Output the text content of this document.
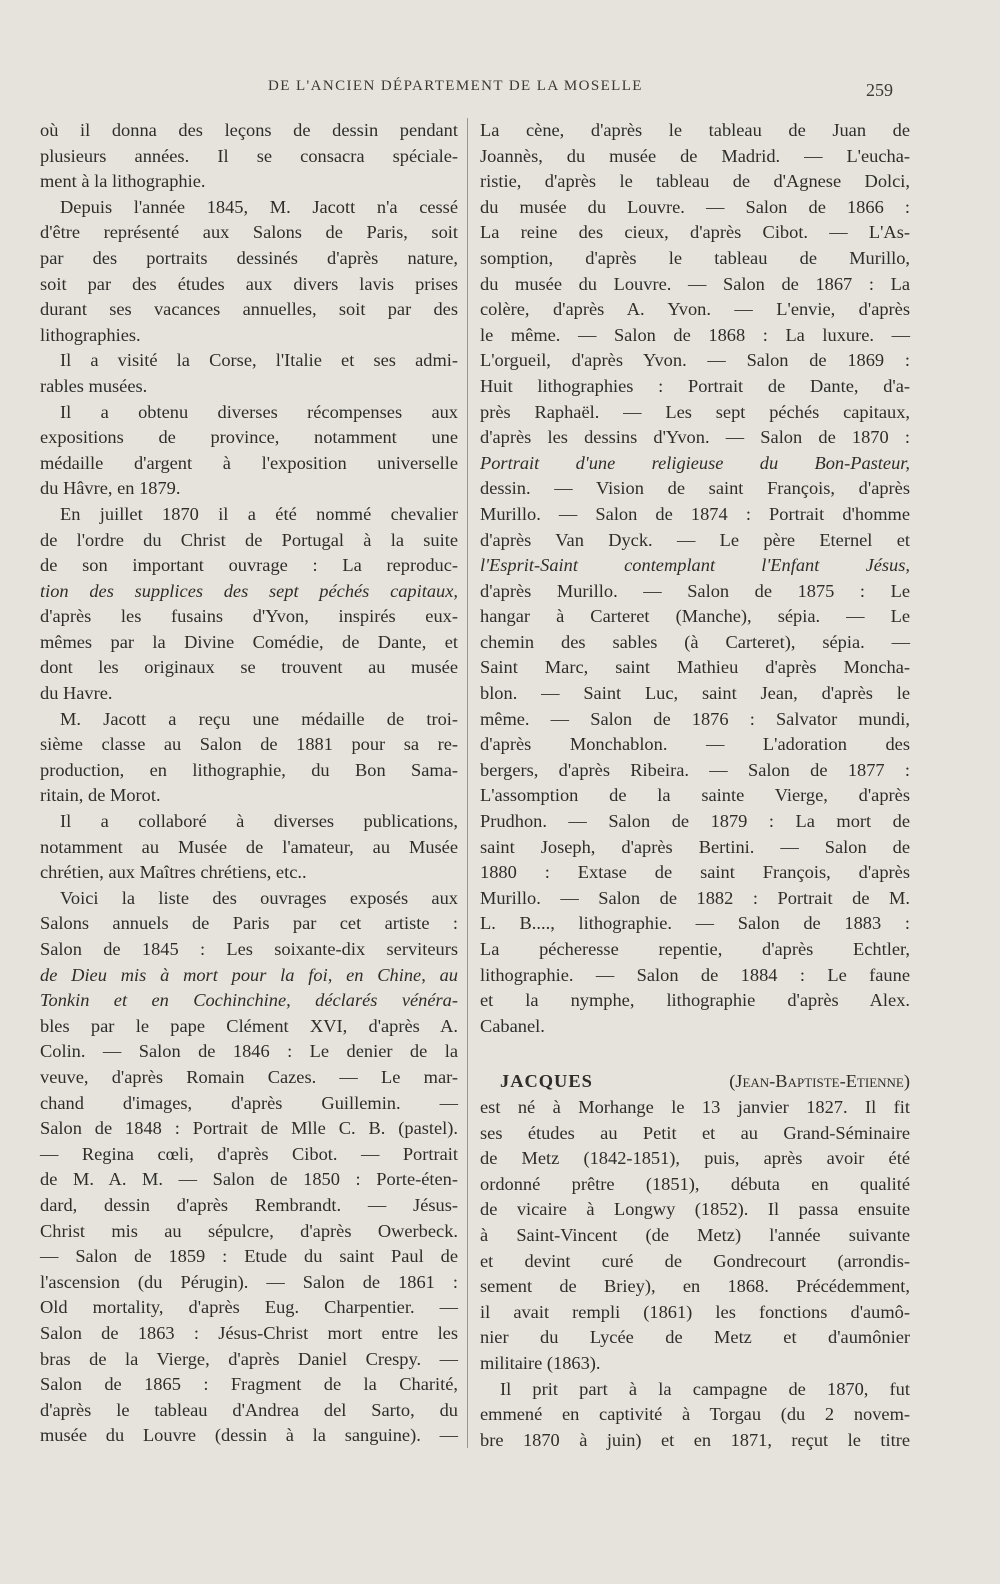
DE L'ANCIEN DÉPARTEMENT DE LA MOSELLE	259
où il donna des leçons de dessin pendant
plusieurs années. Il se consacra spéciale-
ment à la lithographie.
Depuis l'année 1845, M. Jacott n'a cessé
d'être représenté aux Salons de Paris, soit
par des portraits dessinés d'après nature,
soit par des études aux divers lavis prises
durant ses vacances annuelles, soit par des
lithographies.
Il a visité la Corse, l'Italie et ses admi-
rables musées.
Il a obtenu diverses récompenses aux
expositions de province, notamment une
médaille d'argent à l'exposition universelle
du Hâvre, en 1879.
En juillet 1870 il a été nommé chevalier
de l'ordre du Christ de Portugal à la suite
de son important ouvrage : La reproduc-
tion des supplices des sept péchés capitaux,
d'après les fusains d'Yvon, inspirés eux-
mêmes par la Divine Comédie, de Dante, et
dont les originaux se trouvent au musée
du Havre.
M. Jacott a reçu une médaille de troi-
sième classe au Salon de 1881 pour sa re-
production, en lithographie, du Bon Sama-
ritain, de Morot.
Il a collaboré à diverses publications,
notamment au Musée de l'amateur, au Musée
chrétien, aux Maîtres chrétiens, etc..
Voici la liste des ouvrages exposés aux
Salons annuels de Paris par cet artiste :
Salon de 1845 : Les soixante-dix serviteurs
de Dieu mis à mort pour la foi, en Chine, au
Tonkin et en Cochinchine, déclarés vénéra-
bles par le pape Clément XVI, d'après A.
Colin. — Salon de 1846 : Le denier de la
veuve, d'après Romain Cazes. — Le mar-
chand d'images, d'après Guillemin. —
Salon de 1848 : Portrait de Mlle C. B. (pastel).
— Regina cœli, d'après Cibot. — Portrait
de M. A. M. — Salon de 1850 : Porte-éten-
dard, dessin d'après Rembrandt. — Jésus-
Christ mis au sépulcre, d'après Owerbeck.
— Salon de 1859 : Etude du saint Paul de
l'ascension (du Pérugin). — Salon de 1861 :
Old mortality, d'après Eug. Charpentier. —
Salon de 1863 : Jésus-Christ mort entre les
bras de la Vierge, d'après Daniel Crespy. —
Salon de 1865 : Fragment de la Charité,
d'après le tableau d'Andrea del Sarto, du
musée du Louvre (dessin à la sanguine). —
La cène, d'après le tableau de Juan de
Joannès, du musée de Madrid. — L'eucha-
ristie, d'après le tableau de d'Agnese Dolci,
du musée du Louvre. — Salon de 1866 :
La reine des cieux, d'après Cibot. — L'As-
somption, d'après le tableau de Murillo,
du musée du Louvre. — Salon de 1867 : La
colère, d'après A. Yvon. — L'envie, d'après
le même. — Salon de 1868 : La luxure. —
L'orgueil, d'après Yvon. — Salon de 1869 :
Huit lithographies : Portrait de Dante, d'a-
près Raphaël. — Les sept péchés capitaux,
d'après les dessins d'Yvon. — Salon de 1870 :
Portrait d'une religieuse du Bon-Pasteur,
dessin. — Vision de saint François, d'après
Murillo. — Salon de 1874 : Portrait d'homme
d'après Van Dyck. — Le père Eternel et
l'Esprit-Saint contemplant l'Enfant Jésus,
d'après Murillo. — Salon de 1875 : Le
hangar à Carteret (Manche), sépia. — Le
chemin des sables (à Carteret), sépia. —
Saint Marc, saint Mathieu d'après Moncha-
blon. — Saint Luc, saint Jean, d'après le
même. — Salon de 1876 : Salvator mundi,
d'après Monchablon. — L'adoration des
bergers, d'après Ribeira. — Salon de 1877 :
L'assomption de la sainte Vierge, d'après
Prudhon. — Salon de 1879 : La mort de
saint Joseph, d'après Bertini. — Salon de
1880 : Extase de saint François, d'après
Murillo. — Salon de 1882 : Portrait de M.
L. B...., lithographie. — Salon de 1883 :
La pécheresse repentie, d'après Echtler,
lithographie. — Salon de 1884 : Le faune
et la nymphe, lithographie d'après Alex.
Cabanel.
JACQUES	(Jean-Baptiste-Etienne)
est né à Morhange le 13 janvier 1827. Il fit
ses études au Petit et au Grand-Séminaire
de Metz (1842-1851), puis, après avoir été
ordonné prêtre (1851), débuta en qualité
de vicaire à Longwy (1852). Il passa ensuite
à Saint-Vincent (de Metz) l'année suivante
et devint curé de Gondrecourt (arrondis-
sement de Briey), en 1868. Précédemment,
il avait rempli (1861) les fonctions d'aumô-
nier du Lycée de Metz et d'aumônier
militaire (1863).
Il prit part à la campagne de 1870, fut
emmené en captivité à Torgau (du 2 novem-
bre 1870 à juin) et en 1871, reçut le titre
